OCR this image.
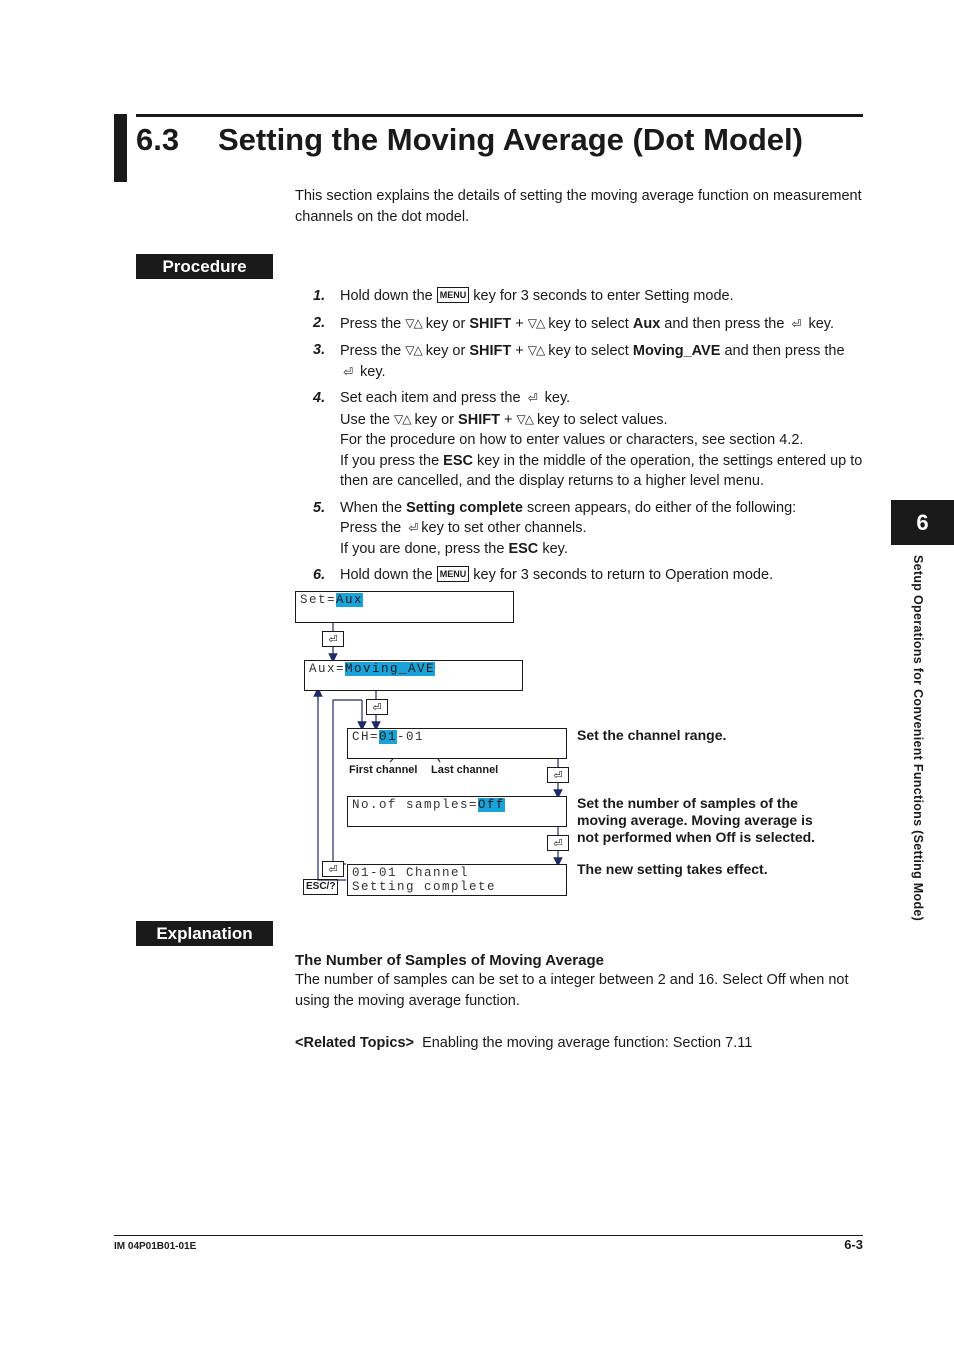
6.3 Setting the Moving Average (Dot Model)
This section explains the details of setting the moving average function on measurement channels on the dot model.
Procedure
1. Hold down the MENU key for 3 seconds to enter Setting mode.

2. Press the ▽△ key or SHIFT + ▽△ key to select Aux and then press the ⏎ key.

3. Press the ▽△ key or SHIFT + ▽△ key to select Moving_AVE and then press the
⏎ key.

4. Set each item and press the ⏎ key.
Use the ▽△ key or SHIFT + ▽△ key to select values.
For the procedure on how to enter values or characters, see section 4.2.
If you press the ESC key in the middle of the operation, the settings entered up to then are cancelled, and the display returns to a higher level menu.

5. When the Setting complete screen appears, do either of the following:
Press the ⏎ key to set other channels.
If you are done, press the ESC key.

6. Hold down the MENU key for 3 seconds to return to Operation mode.

Set=Aux
⏎
Aux=Moving_AVE
⏎
CH=01-01
First channel Last channel
Set the channel range.
⏎
No.of samples=Off	Set the number of samples of the moving average. Moving average is not performed when Off is selected.
⏎
01-01 Channel
Setting complete
The new setting takes effect.
⏎
ESC/?
Explanation
The Number of Samples of Moving Average
The number of samples can be set to a integer between 2 and 16. Select Off when not using the moving average function.
<Related Topics> Enabling the moving average function: Section 7.11
6
Setup Operations for Convenient Functions (Setting Mode)
IM 04P01B01-01E	6-3
